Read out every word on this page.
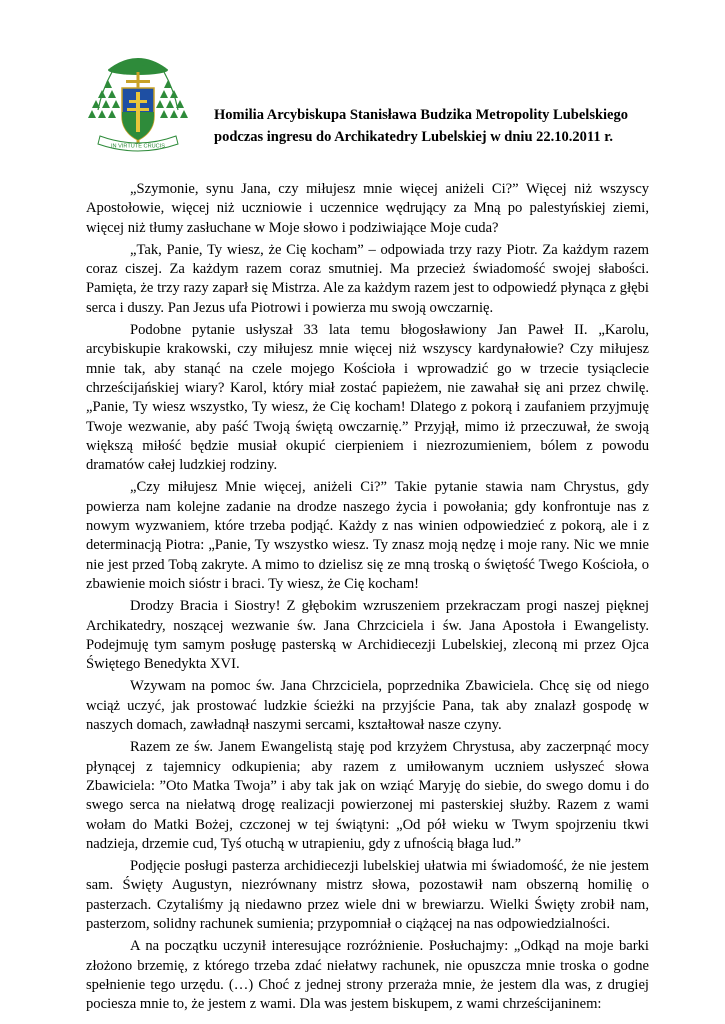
IN VIRTUTE CRUCIS
Homilia Arcybiskupa Stanisława Budzika Metropolity Lubelskiego
podczas ingresu do Archikatedry Lubelskiej w dniu 22.10.2011 r.

„Szymonie, synu Jana, czy miłujesz mnie więcej aniżeli Ci?” Więcej niż wszyscy Apostołowie, więcej niż uczniowie i uczennice wędrujący za Mną po palestyńskiej ziemi, więcej niż tłumy zasłuchane w Moje słowo i podziwiające Moje cuda?

„Tak, Panie, Ty wiesz, że Cię kocham” – odpowiada trzy razy Piotr. Za każdym razem coraz ciszej. Za każdym razem coraz smutniej. Ma przecież świadomość swojej słabości. Pamięta, że trzy razy zaparł się Mistrza. Ale za każdym razem jest to odpowiedź płynąca z głębi serca i duszy. Pan Jezus ufa Piotrowi i powierza mu swoją owczarnię.

Podobne pytanie usłyszał 33 lata temu błogosławiony Jan Paweł II. „Karolu, arcybiskupie krakowski, czy miłujesz mnie więcej niż wszyscy kardynałowie? Czy miłujesz mnie tak, aby stanąć na czele mojego Kościoła i wprowadzić go w trzecie tysiąclecie chrześcijańskiej wiary? Karol, który miał zostać papieżem, nie zawahał się ani przez chwilę. „Panie, Ty wiesz wszystko, Ty wiesz, że Cię kocham! Dlatego z pokorą i zaufaniem przyjmuję Twoje wezwanie, aby paść Twoją świętą owczarnię.” Przyjął, mimo iż przeczuwał, że swoją większą miłość będzie musiał okupić cierpieniem i niezrozumieniem, bólem z powodu dramatów całej ludzkiej rodziny.

„Czy miłujesz Mnie więcej, aniżeli Ci?” Takie pytanie stawia nam Chrystus, gdy powierza nam kolejne zadanie na drodze naszego życia i powołania; gdy konfrontuje nas z nowym wyzwaniem, które trzeba podjąć. Każdy z nas winien odpowiedzieć z pokorą, ale i z determinacją Piotra: „Panie, Ty wszystko wiesz. Ty znasz moją nędzę i moje rany. Nic we mnie nie jest przed Tobą zakryte. A mimo to dzielisz się ze mną troską o świętość Twego Kościoła, o zbawienie moich sióstr i braci. Ty wiesz, że Cię kocham!

Drodzy Bracia i Siostry! Z głębokim wzruszeniem przekraczam progi naszej pięknej Archikatedry, noszącej wezwanie św. Jana Chrzciciela i św. Jana Apostoła i Ewangelisty. Podejmuję tym samym posługę pasterską w Archidiecezji Lubelskiej, zleconą mi przez Ojca Świętego Benedykta XVI.

Wzywam na pomoc św. Jana Chrzciciela, poprzednika Zbawiciela. Chcę się od niego wciąż uczyć, jak prostować ludzkie ścieżki na przyjście Pana, tak aby znalazł gospodę w naszych domach, zawładnął naszymi sercami, kształtował nasze czyny.

Razem ze św. Janem Ewangelistą staję pod krzyżem Chrystusa, aby zaczerpnąć mocy płynącej z tajemnicy odkupienia; aby razem z umiłowanym uczniem usłyszeć słowa Zbawiciela: ”Oto Matka Twoja” i aby tak jak on wziąć Maryję do siebie, do swego domu i do swego serca na niełatwą drogę realizacji powierzonej mi pasterskiej służby. Razem z wami wołam do Matki Bożej, czczonej w tej świątyni: „Od pół wieku w Twym spojrzeniu tkwi nadzieja, drzemie cud, Tyś otuchą w utrapieniu, gdy z ufnością błaga lud.”

Podjęcie posługi pasterza archidiecezji lubelskiej ułatwia mi świadomość, że nie jestem sam. Święty Augustyn, niezrównany mistrz słowa, pozostawił nam obszerną homilię o pasterzach. Czytaliśmy ją niedawno przez wiele dni w brewiarzu. Wielki Święty zrobił nam, pasterzom, solidny rachunek sumienia; przypomniał o ciążącej na nas odpowiedzialności.

A na początku uczynił interesujące rozróżnienie. Posłuchajmy: „Odkąd na moje barki złożono brzemię, z którego trzeba zdać niełatwy rachunek, nie opuszcza mnie troska o godne spełnienie tego urzędu. (…) Choć z jednej strony przeraża mnie, że jestem dla was, z drugiej pociesza mnie to, że jestem z wami. Dla was jestem biskupem, z wami chrześcijaninem:
